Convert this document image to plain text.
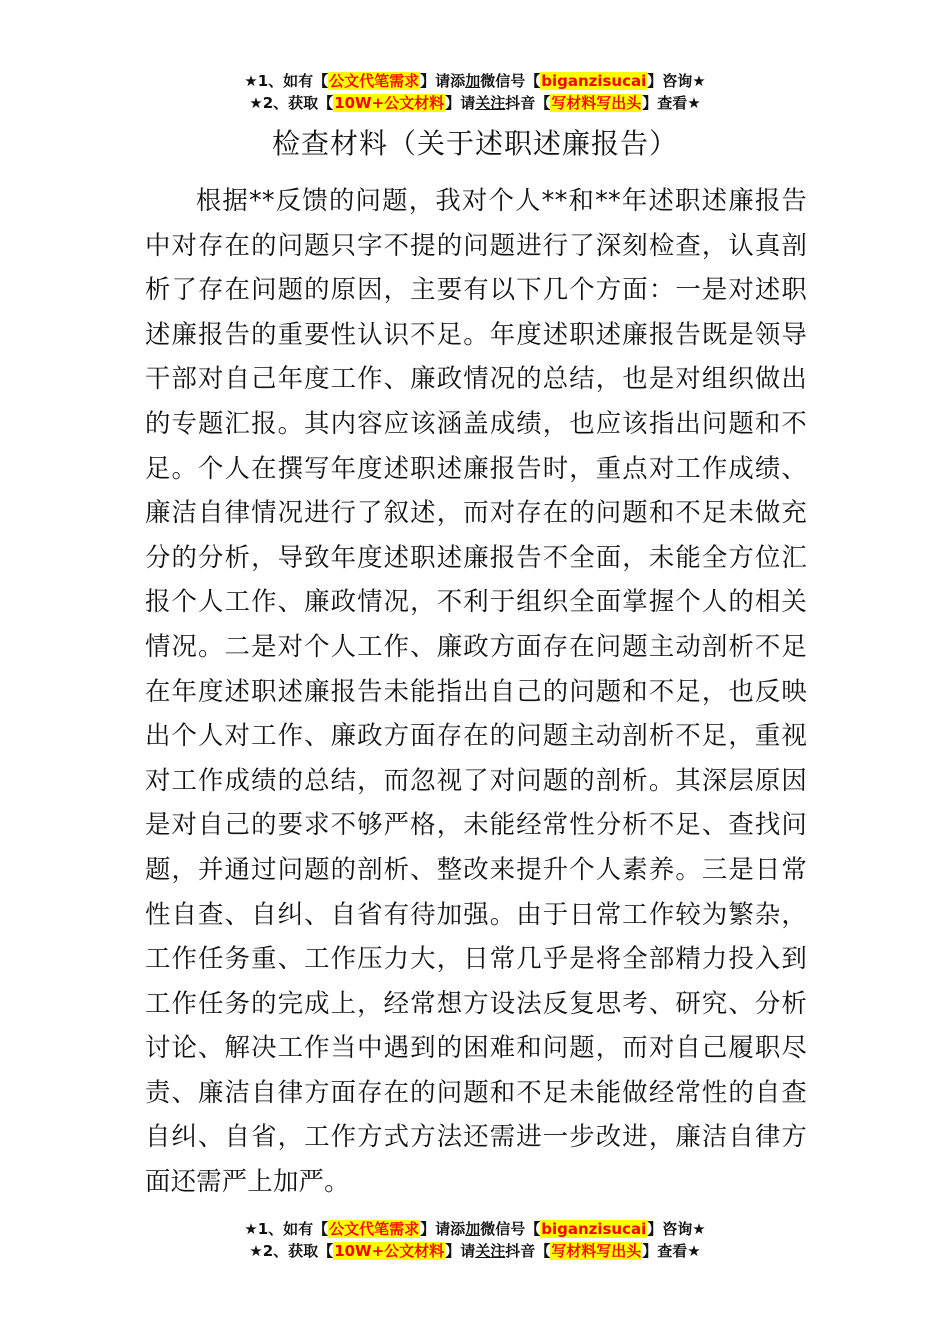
★1、如有【公文代笔需求】请添加微信号【biganzisucai】咨询★
★2、获取【10W+公文材料】请关注抖音【写材料写出头】查看★
检查材料（关于述职述廉报告）

根据**反馈的问题，我对个人**和**年述职述廉报告中对存在的问题只字不提的问题进行了深刻检查，认真剖析了存在问题的原因，主要有以下几个方面：一是对述职述廉报告的重要性认识不足。年度述职述廉报告既是领导干部对自己年度工作、廉政情况的总结，也是对组织做出的专题汇报。其内容应该涵盖成绩，也应该指出问题和不足。个人在撰写年度述职述廉报告时，重点对工作成绩、廉洁自律情况进行了叙述，而对存在的问题和不足未做充分的分析，导致年度述职述廉报告不全面，未能全方位汇报个人工作、廉政情况，不利于组织全面掌握个人的相关情况。二是对个人工作、廉政方面存在问题主动剖析不足在年度述职述廉报告未能指出自己的问题和不足，也反映出个人对工作、廉政方面存在的问题主动剖析不足，重视对工作成绩的总结，而忽视了对问题的剖析。其深层原因是对自己的要求不够严格，未能经常性分析不足、查找问题，并通过问题的剖析、整改来提升个人素养。三是日常性自查、自纠、自省有待加强。由于日常工作较为繁杂，工作任务重、工作压力大，日常几乎是将全部精力投入到工作任务的完成上，经常想方设法反复思考、研究、分析讨论、解决工作当中遇到的困难和问题，而对自己履职尽责、廉洁自律方面存在的问题和不足未能做经常性的自查自纠、自省，工作方式方法还需进一步改进，廉洁自律方面还需严上加严。

★1、如有【公文代笔需求】请添加微信号【biganzisucai】咨询★
★2、获取【10W+公文材料】请关注抖音【写材料写出头】查看★
